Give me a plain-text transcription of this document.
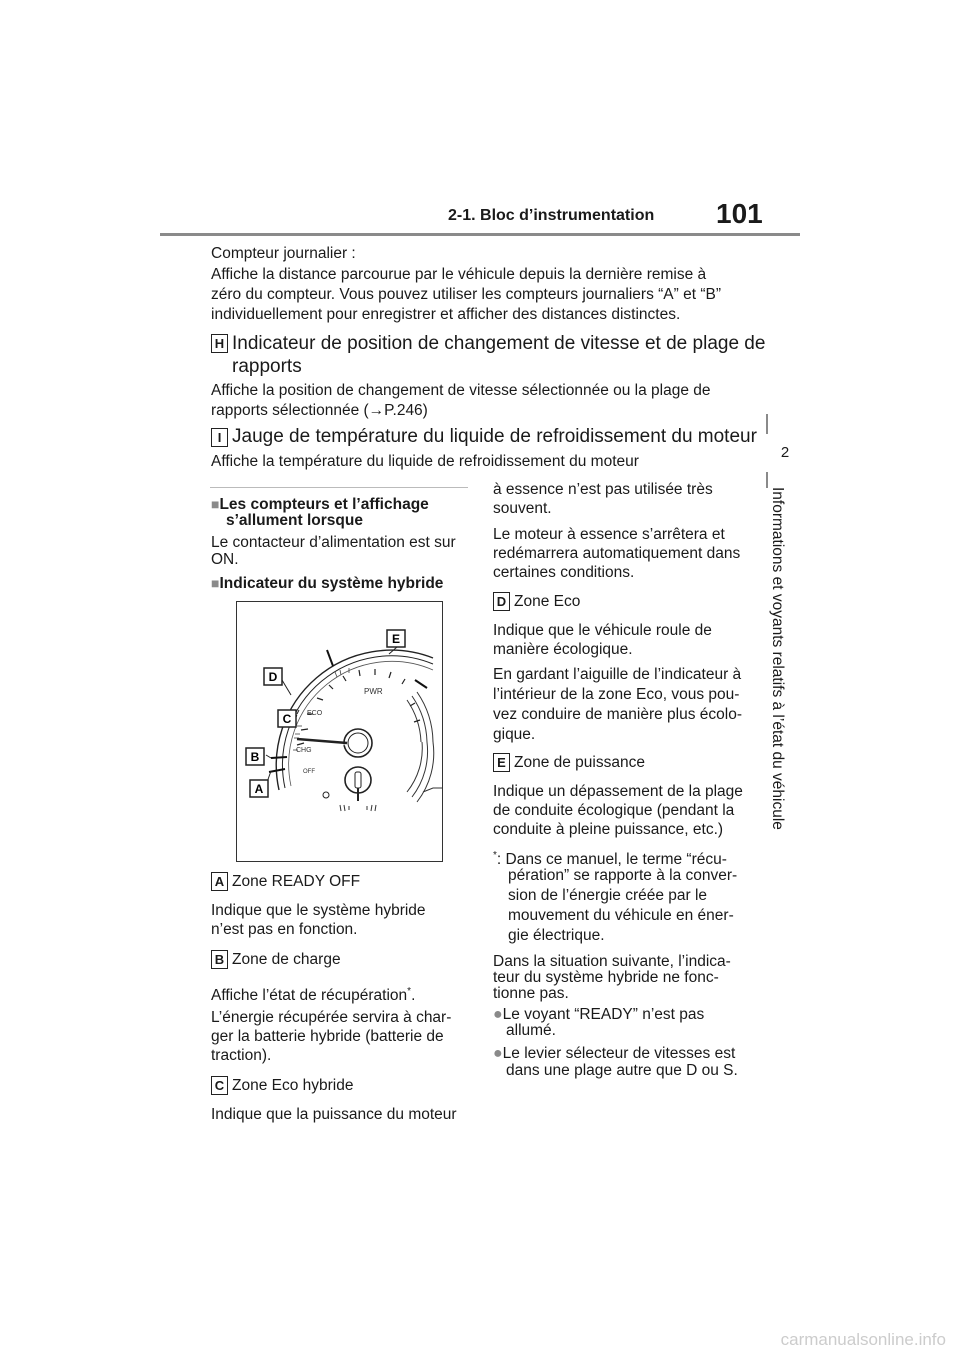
2-1. Bloc d’instrumentation 101
2
Informations et voyants relatifs à l’état du véhicule
Compteur journalier :
Affiche la distance parcourue par le véhicule depuis la dernière remise à
zéro du compteur. Vous pouvez utiliser les compteurs journaliers “A” et “B”
individuellement pour enregistrer et afficher des distances distinctes.
H Indicateur de position de changement de vitesse et de plage de
rapports
Affiche la position de changement de vitesse sélectionnée ou la plage de
rapports sélectionnée (→P.246)
I Jauge de température du liquide de refroidissement du moteur
Affiche la température du liquide de refroidissement du moteur
■Les compteurs et l’affichage
s’allument lorsque
Le contacteur d’alimentation est sur
ON.
■Indicateur du système hybride
PWR
ECO
CHG
OFF
D
C
B
A
E
A Zone READY OFF
Indique que le système hybride
n’est pas en fonction.
B Zone de charge
Affiche l’état de récupération*.
L’énergie récupérée servira à char-
ger la batterie hybride (batterie de
traction).
C Zone Eco hybride
Indique que la puissance du moteur
à essence n’est pas utilisée très
souvent.
Le moteur à essence s’arrêtera et
redémarrera automatiquement dans
certaines conditions.
D Zone Eco
Indique que le véhicule roule de
manière écologique.
En gardant l’aiguille de l’indicateur à
l’intérieur de la zone Eco, vous pou-
vez conduire de manière plus écolo-
gique.
E Zone de puissance
Indique un dépassement de la plage
de conduite écologique (pendant la
conduite à pleine puissance, etc.)
*: Dans ce manuel, le terme “récu-
pération” se rapporte à la conver-
sion de l’énergie créée par le
mouvement du véhicule en éner-
gie électrique.
Dans la situation suivante, l’indica-
teur du système hybride ne fonc-
tionne pas.
●Le voyant “READY” n’est pas
allumé.
●Le levier sélecteur de vitesses est
dans une plage autre que D ou S.
carmanualsonline.info
